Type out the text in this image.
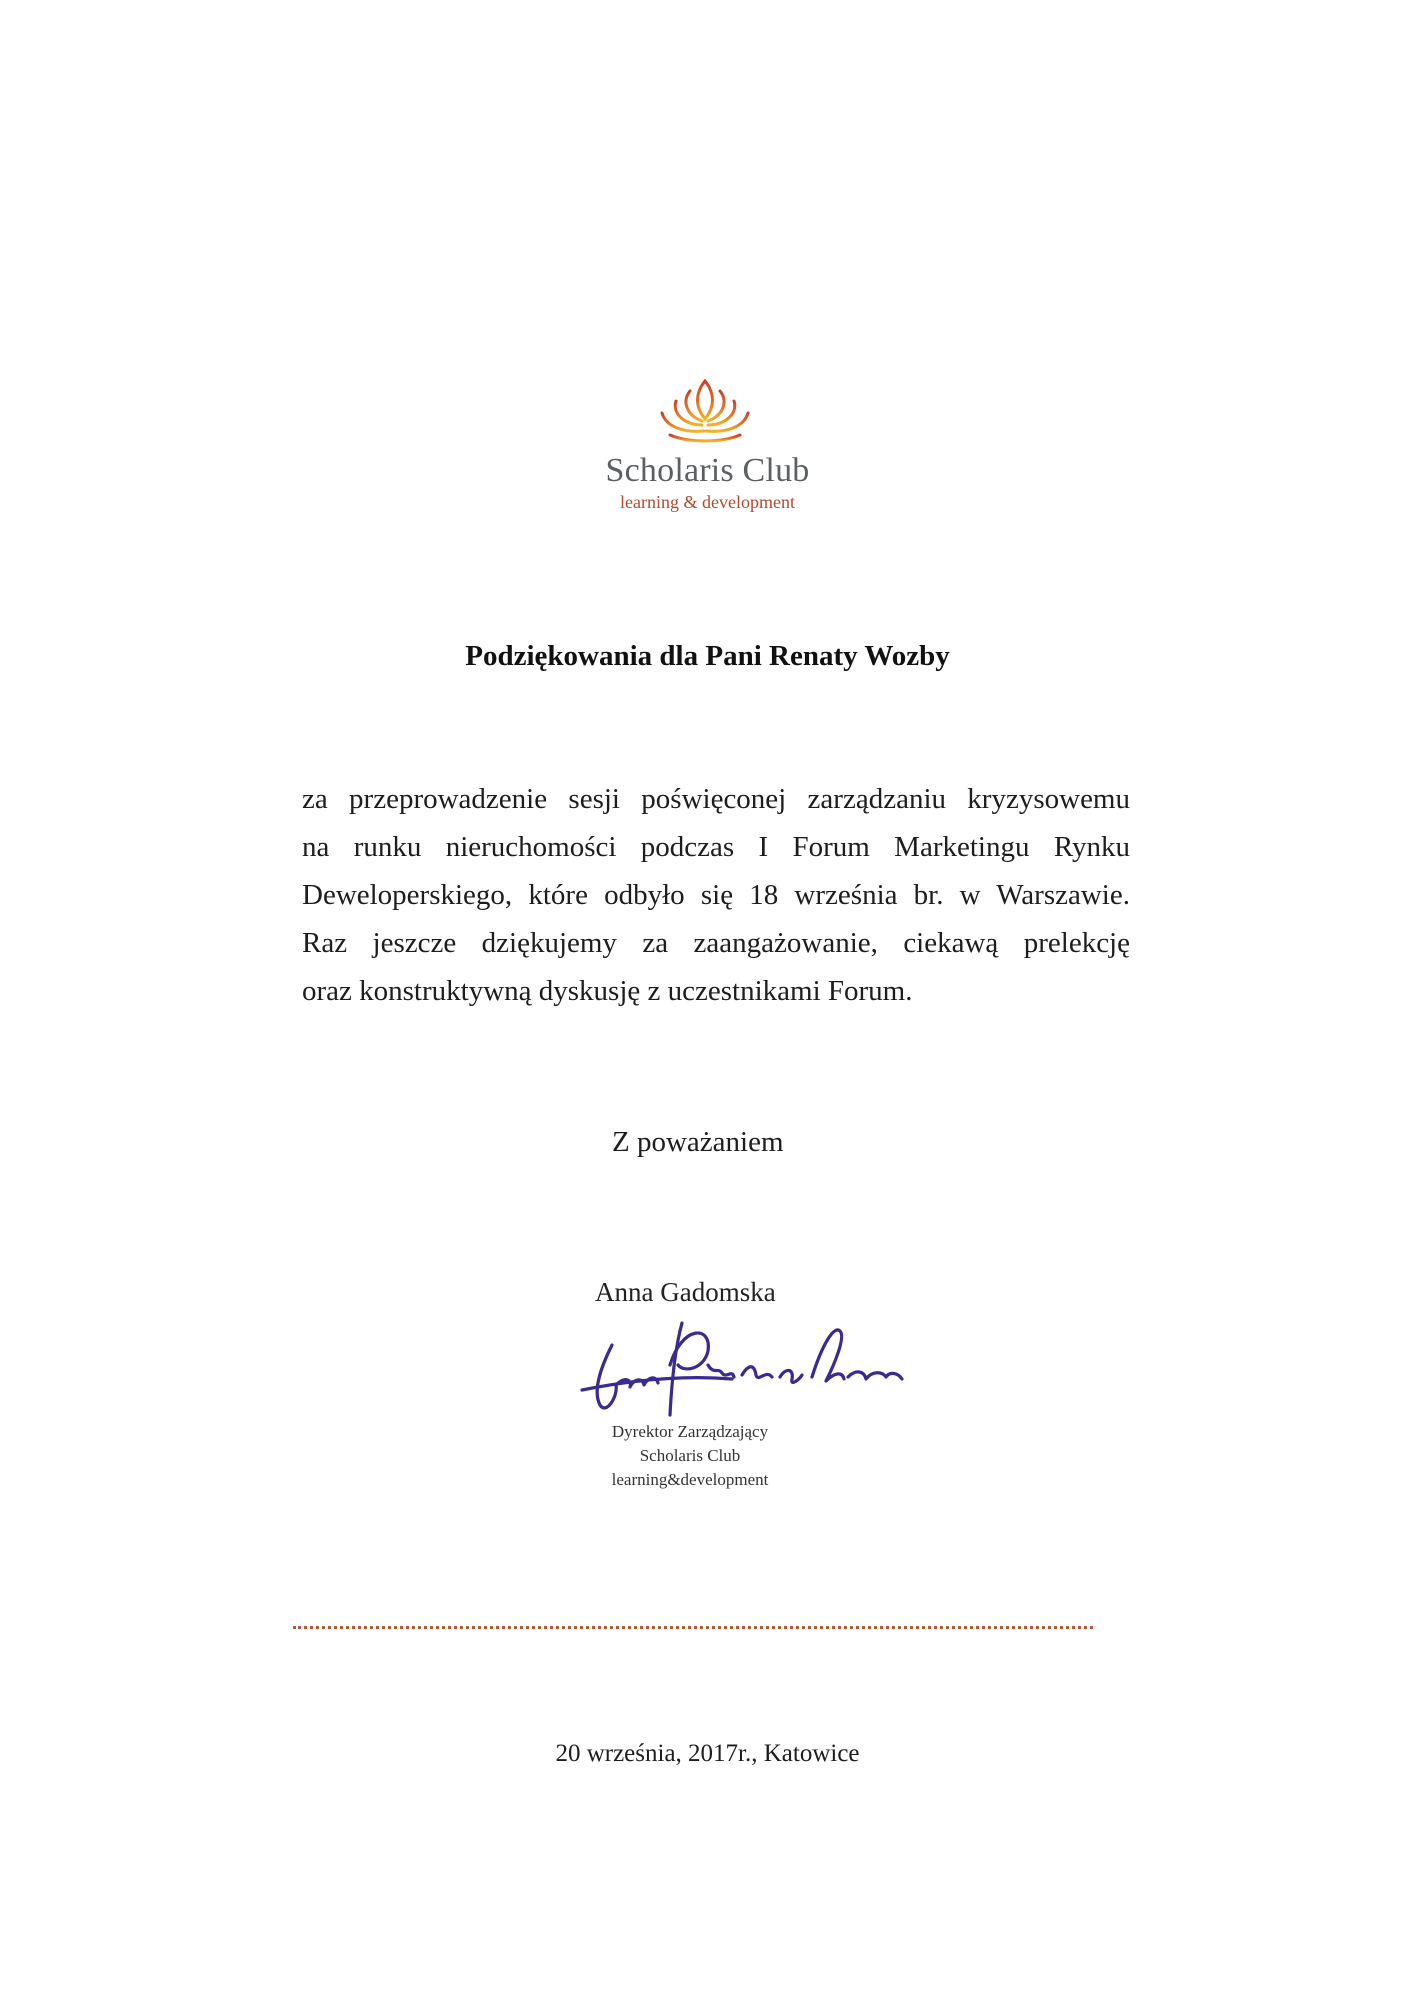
Scholaris Club
learning & development
Podziękowania dla Pani Renaty Wozby

za przeprowadzenie sesji poświęconej zarządzaniu kryzysowemu

na runku nieruchomości podczas I Forum Marketingu Rynku

Deweloperskiego, które odbyło się 18 września br. w Warszawie.

Raz jeszcze dziękujemy za zaangażowanie, ciekawą prelekcję

oraz konstruktywną dyskusję z uczestnikami Forum.

Z poważaniem
Anna Gadomska
Dyrektor Zarządzający
Scholaris Club
learning&development
20 września, 2017r., Katowice
